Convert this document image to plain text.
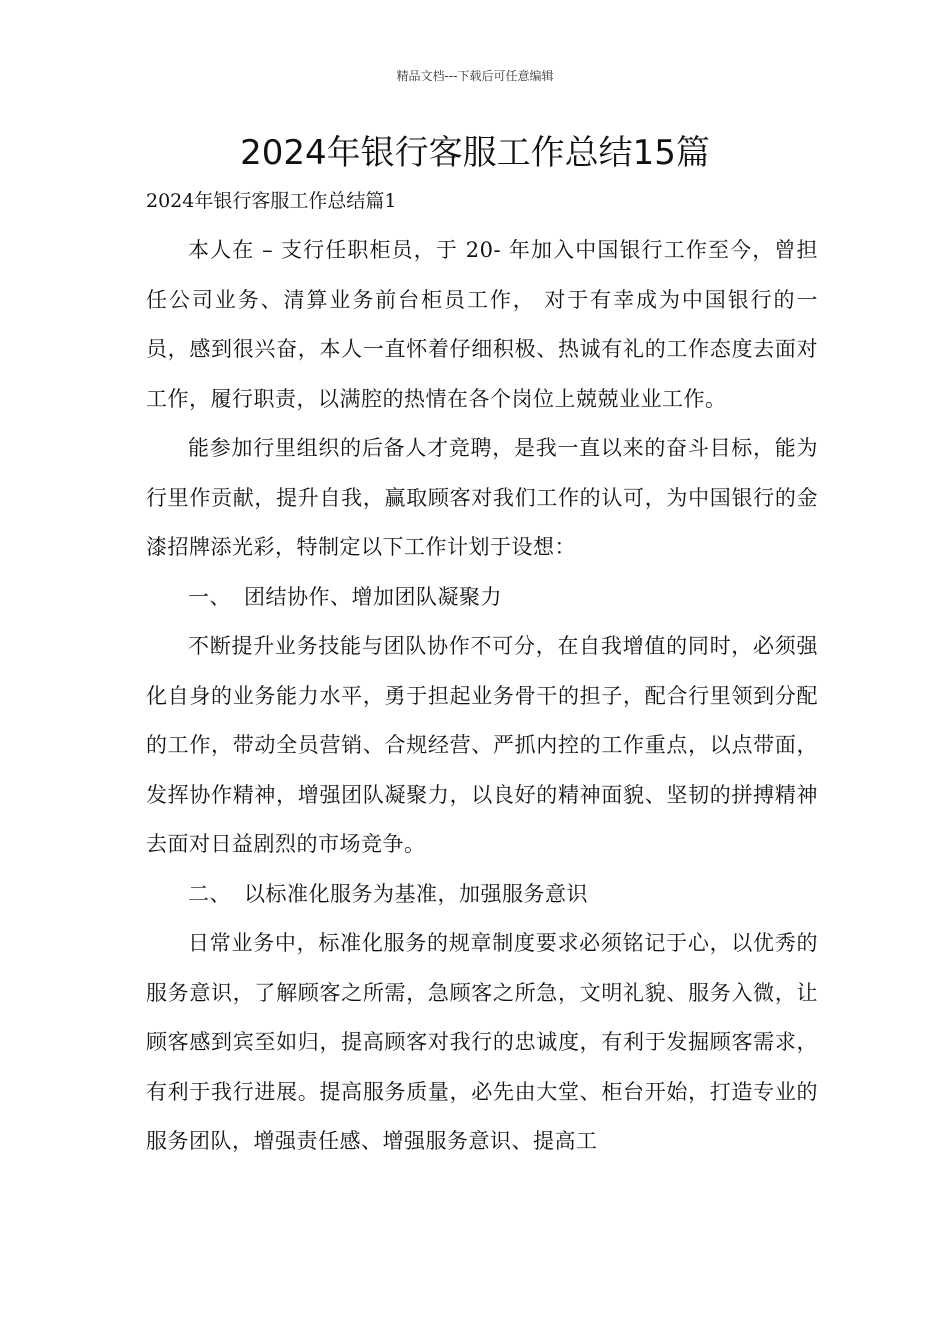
精品文档---下载后可任意编辑
2024年银行客服工作总结15篇
2024年银行客服工作总结篇1

本人在 – 支行任职柜员，于 20- 年加入中国银行工作至今，曾担任公司业务、清算业务前台柜员工作， 对于有幸成为中国银行的一员，感到很兴奋，本人一直怀着仔细积极、热诚有礼的工作态度去面对工作，履行职责，以满腔的热情在各个岗位上兢兢业业工作。

能参加行里组织的后备人才竞聘，是我一直以来的奋斗目标，能为行里作贡献，提升自我，赢取顾客对我们工作的认可，为中国银行的金漆招牌添光彩，特制定以下工作计划于设想：

一、 团结协作、增加团队凝聚力

不断提升业务技能与团队协作不可分，在自我增值的同时，必须强化自身的业务能力水平，勇于担起业务骨干的担子，配合行里领到分配的工作，带动全员营销、合规经营、严抓内控的工作重点，以点带面，发挥协作精神，增强团队凝聚力，以良好的精神面貌、坚韧的拼搏精神去面对日益剧烈的市场竞争。

二、 以标准化服务为基准，加强服务意识

日常业务中，标准化服务的规章制度要求必须铭记于心，以优秀的服务意识，了解顾客之所需，急顾客之所急，文明礼貌、服务入微，让顾客感到宾至如归，提高顾客对我行的忠诚度，有利于发掘顾客需求，有利于我行进展。提高服务质量，必先由大堂、柜台开始，打造专业的服务团队，增强责任感、增强服务意识、提高工
